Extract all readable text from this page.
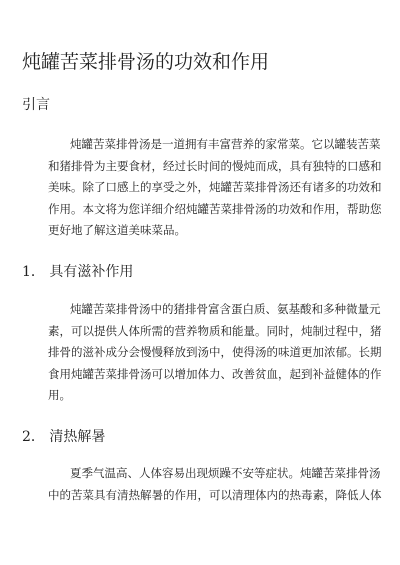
炖罐苦菜排骨汤的功效和作用
引言
炖罐苦菜排骨汤是一道拥有丰富营养的家常菜。它以罐装苦菜
和猪排骨为主要食材，经过长时间的慢炖而成，具有独特的口感和
美味。除了口感上的享受之外，炖罐苦菜排骨汤还有诸多的功效和
作用。本文将为您详细介绍炖罐苦菜排骨汤的功效和作用，帮助您
更好地了解这道美味菜品。
1． 具有滋补作用
炖罐苦菜排骨汤中的猪排骨富含蛋白质、氨基酸和多种微量元
素，可以提供人体所需的营养物质和能量。同时，炖制过程中，猪
排骨的滋补成分会慢慢释放到汤中，使得汤的味道更加浓郁。长期
食用炖罐苦菜排骨汤可以增加体力、改善贫血，起到补益健体的作
用。
2． 清热解暑
夏季气温高、人体容易出现烦躁不安等症状。炖罐苦菜排骨汤
中的苦菜具有清热解暑的作用，可以清理体内的热毒素，降低人体
